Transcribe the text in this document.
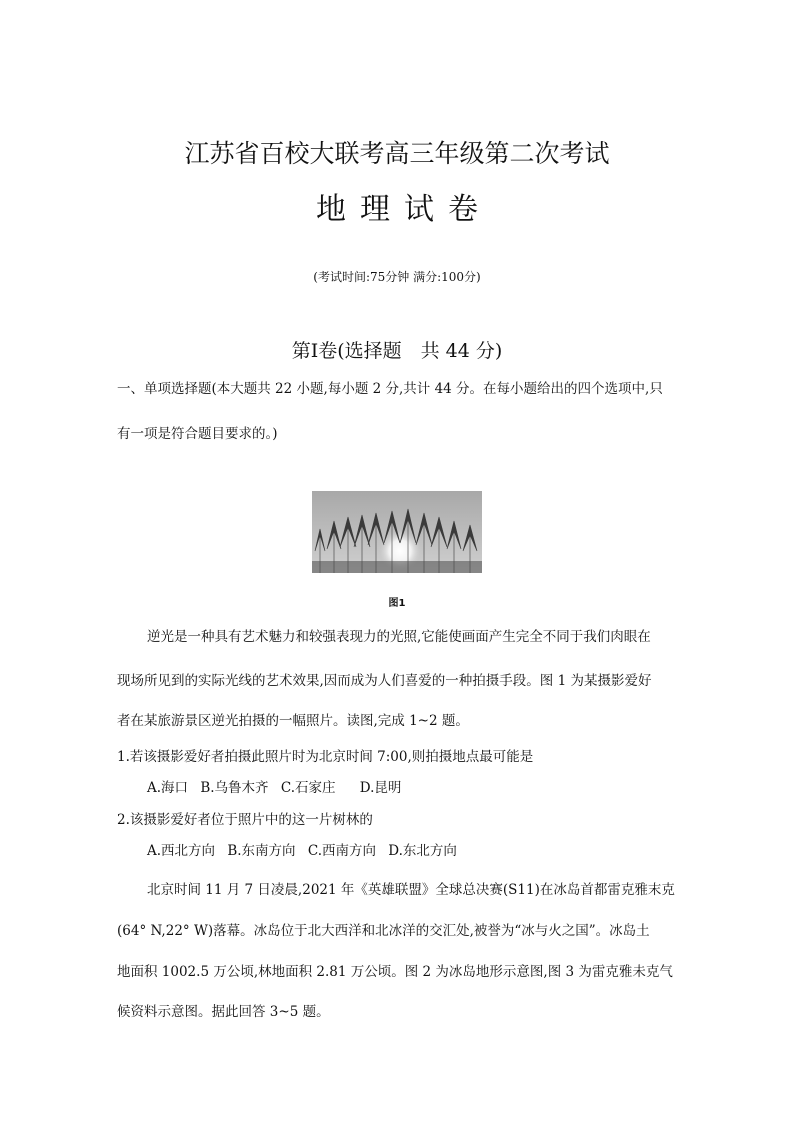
江苏省百校大联考高三年级第二次考试
地理试卷
(考试时间:75分钟 满分:100分)
第Ⅰ卷(选择题　共 44 分)
一、单项选择题(本大题共 22 小题,每小题 2 分,共计 44 分。在每小题给出的四个选项中,只
有一项是符合题目要求的。)
图1
逆光是一种具有艺术魅力和较强表现力的光照,它能使画面产生完全不同于我们肉眼在
现场所见到的实际光线的艺术效果,因而成为人们喜爱的一种拍摄手段。图 1 为某摄影爱好
者在某旅游景区逆光拍摄的一幅照片。读图,完成 1~2 题。
1.若该摄影爱好者拍摄此照片时为北京时间 7:00,则拍摄地点最可能是
A.海口 B.乌鲁木齐 C.石家庄 D.昆明
2.该摄影爱好者位于照片中的这一片树林的
A.西北方向 B.东南方向 C.西南方向 D.东北方向
北京时间 11 月 7 日凌晨,2021 年《英雄联盟》全球总决赛(S11)在冰岛首都雷克雅末克
(64° N,22° W)落幕。冰岛位于北大西洋和北冰洋的交汇处,被誉为“冰与火之国”。冰岛土
地面积 1002.5 万公顷,林地面积 2.81 万公顷。图 2 为冰岛地形示意图,图 3 为雷克雅未克气
候资料示意图。据此回答 3~5 题。
